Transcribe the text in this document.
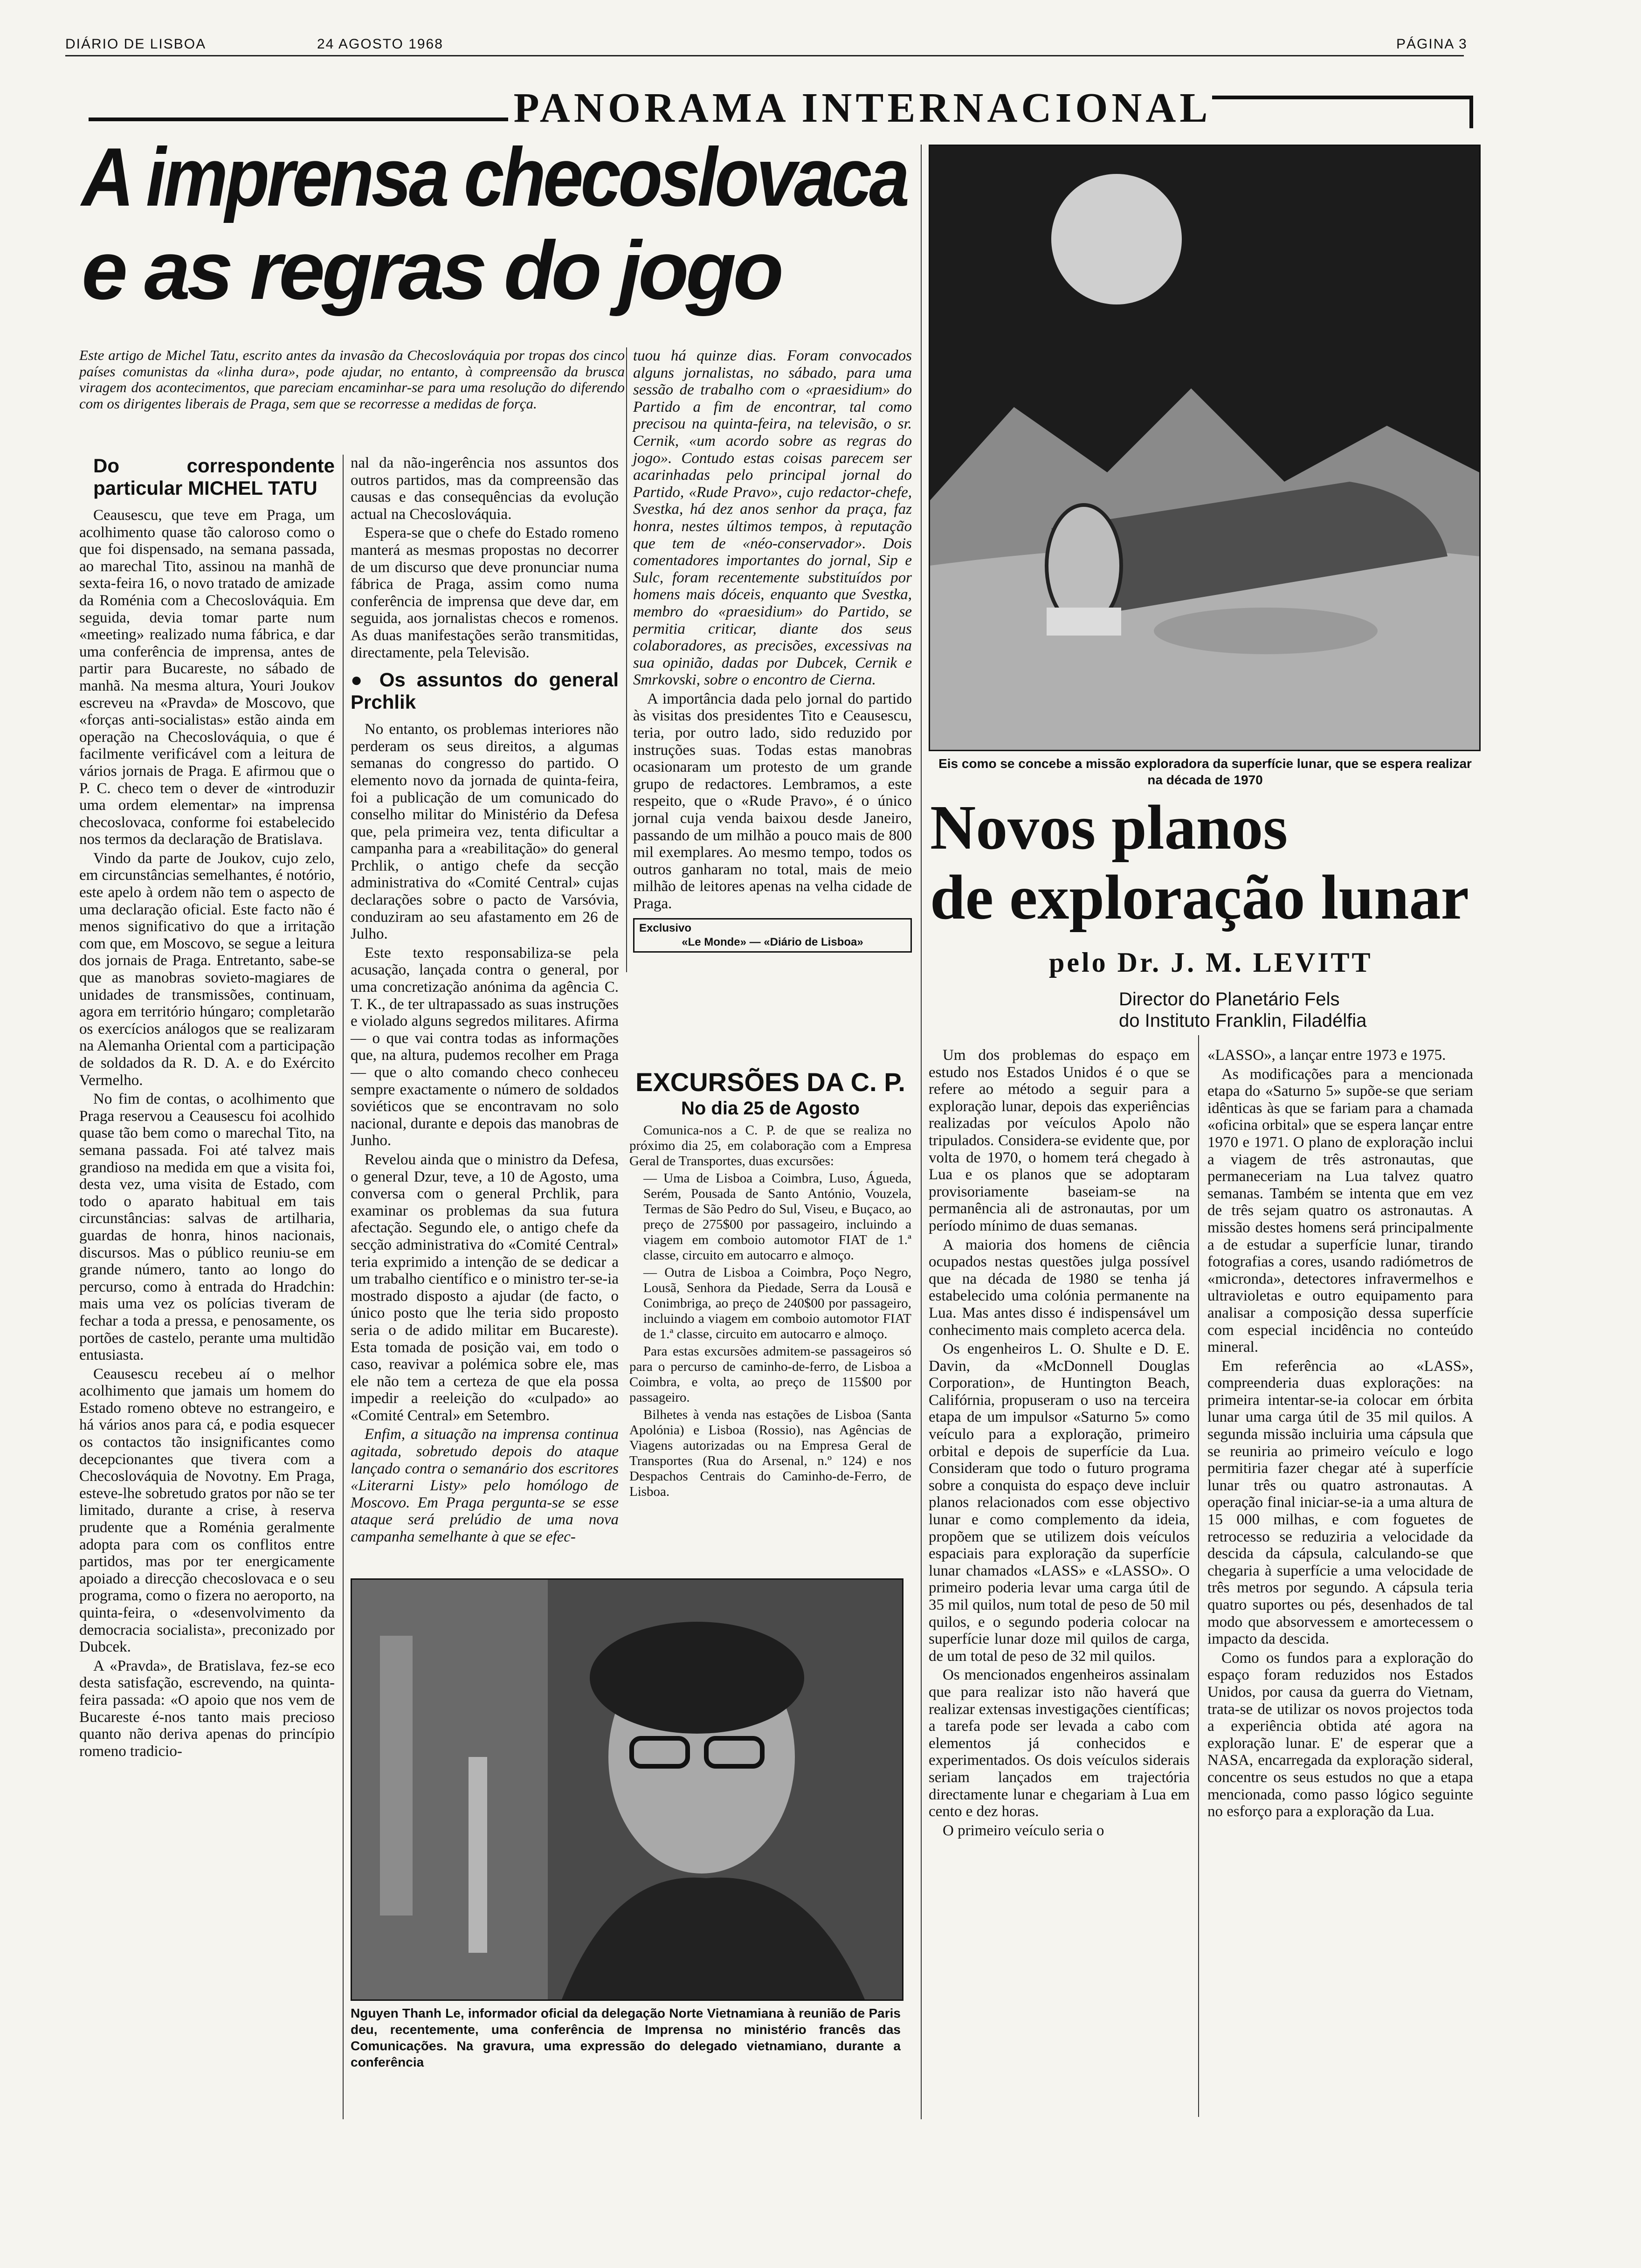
DIÁRIO DE LISBOA	24 AGOSTO 1968	PÁGINA 3
PANORAMA INTERNACIONAL
A imprensa checoslovaca
e as regras do jogo
Este artigo de Michel Tatu, escrito antes da invasão da Checoslováquia por tropas dos cinco países comunistas da «linha dura», pode ajudar, no entanto, à compreensão da brusca viragem dos acontecimentos, que pareciam encaminhar-se para uma resolução do diferendo com os dirigentes liberais de Praga, sem que se recorresse a medidas de força.
Do correspondente particular MICHEL TATU

Ceausescu, que teve em Praga, um acolhimento quase tão caloroso como o que foi dispensado, na semana passada, ao marechal Tito, assinou na manhã de sexta-feira 16, o novo tratado de amizade da Roménia com a Checoslováquia. Em seguida, devia tomar parte num «meeting» realizado numa fábrica, e dar uma conferência de imprensa, antes de partir para Bucareste, no sábado de manhã. Na mesma altura, Youri Joukov escreveu na «Pravda» de Moscovo, que «forças anti-socialistas» estão ainda em operação na Checoslováquia, o que é facilmente verificável com a leitura de vários jornais de Praga. E afirmou que o P. C. checo tem o dever de «introduzir uma ordem elementar» na imprensa checoslovaca, conforme foi estabelecido nos termos da declaração de Bratislava.

Vindo da parte de Joukov, cujo zelo, em circunstâncias semelhantes, é notório, este apelo à ordem não tem o aspecto de uma declaração oficial. Este facto não é menos significativo do que a irritação com que, em Moscovo, se segue a leitura dos jornais de Praga. Entretanto, sabe-se que as manobras sovieto-magiares de unidades de transmissões, continuam, agora em território húngaro; completarão os exercícios análogos que se realizaram na Alemanha Oriental com a participação de soldados da R. D. A. e do Exército Vermelho.

No fim de contas, o acolhimento que Praga reservou a Ceausescu foi acolhido quase tão bem como o marechal Tito, na semana passada. Foi até talvez mais grandioso na medida em que a visita foi, desta vez, uma visita de Estado, com todo o aparato habitual em tais circunstâncias: salvas de artilharia, guardas de honra, hinos nacionais, discursos. Mas o público reuniu-se em grande número, tanto ao longo do percurso, como à entrada do Hradchin: mais uma vez os polícias tiveram de fechar a toda a pressa, e penosamente, os portões de castelo, perante uma multidão entusiasta.

Ceausescu recebeu aí o melhor acolhimento que jamais um homem do Estado romeno obteve no estrangeiro, e há vários anos para cá, e podia esquecer os contactos tão insignificantes como decepcionantes que tivera com a Checoslováquia de Novotny. Em Praga, esteve-lhe sobretudo gratos por não se ter limitado, durante a crise, à reserva prudente que a Roménia geralmente adopta para com os conflitos entre partidos, mas por ter energicamente apoiado a direcção checoslovaca e o seu programa, como o fizera no aeroporto, na quinta-feira, o «desenvolvimento da democracia socialista», preconizado por Dubcek.

A «Pravda», de Bratislava, fez-se eco desta satisfação, escrevendo, na quinta-feira passada: «O apoio que nos vem de Bucareste é-nos tanto mais precioso quanto não deriva apenas do princípio romeno tradicio-

nal da não-ingerência nos assuntos dos outros partidos, mas da compreensão das causas e das consequências da evolução actual na Checoslováquia.

Espera-se que o chefe do Estado romeno manterá as mesmas propostas no decorrer de um discurso que deve pronunciar numa fábrica de Praga, assim como numa conferência de imprensa que deve dar, em seguida, aos jornalistas checos e romenos. As duas manifestações serão transmitidas, directamente, pela Televisão.

● Os assuntos do general Prchlik

No entanto, os problemas interiores não perderam os seus direitos, a algumas semanas do congresso do partido. O elemento novo da jornada de quinta-feira, foi a publicação de um comunicado do conselho militar do Ministério da Defesa que, pela primeira vez, tenta dificultar a campanha para a «reabilitação» do general Prchlik, o antigo chefe da secção administrativa do «Comité Central» cujas declarações sobre o pacto de Varsóvia, conduziram ao seu afastamento em 26 de Julho.

Este texto responsabiliza-se pela acusação, lançada contra o general, por uma concretização anónima da agência C. T. K., de ter ultrapassado as suas instruções e violado alguns segredos militares. Afirma — o que vai contra todas as informações que, na altura, pudemos recolher em Praga — que o alto comando checo conheceu sempre exactamente o número de soldados soviéticos que se encontravam no solo nacional, durante e depois das manobras de Junho.

Revelou ainda que o ministro da Defesa, o general Dzur, teve, a 10 de Agosto, uma conversa com o general Prchlik, para examinar os problemas da sua futura afectação. Segundo ele, o antigo chefe da secção administrativa do «Comité Central» teria exprimido a intenção de se dedicar a um trabalho científico e o ministro ter-se-ia mostrado disposto a ajudar (de facto, o único posto que lhe teria sido proposto seria o de adido militar em Bucareste). Esta tomada de posição vai, em todo o caso, reavivar a polémica sobre ele, mas ele não tem a certeza de que ela possa impedir a reeleição do «culpado» ao «Comité Central» em Setembro.

Enfim, a situação na imprensa continua agitada, sobretudo depois do ataque lançado contra o semanário dos escritores «Literarni Listy» pelo homólogo de Moscovo. Em Praga perguntа-se se esse ataque será prelúdio de uma nova campanha semelhante à que se efec-

tuou há quinze dias. Foram convocados alguns jornalistas, no sábado, para uma sessão de trabalho com o «praesidium» do Partido a fim de encontrar, tal como precisou na quinta-feira, na televisão, o sr. Cernik, «um acordo sobre as regras do jogo». Contudo estas coisas parecem ser acarinhadas pelo principal jornal do Partido, «Rude Pravo», cujo redactor-chefe, Svestka, há dez anos senhor da praça, faz honra, nestes últimos tempos, à reputação que tem de «néo-conservador». Dois comentadores importantes do jornal, Sip e Sulc, foram recentemente substituídos por homens mais dóceis, enquanto que Svestka, membro do «praesidium» do Partido, se permitia criticar, diante dos seus colaboradores, as precisões, excessivas na sua opinião, dadas por Dubcek, Cernik e Smrkovski, sobre o encontro de Cierna.

A importância dada pelo jornal do partido às visitas dos presidentes Tito e Ceausescu, teria, por outro lado, sido reduzido por instruções suas. Todas estas manobras ocasionaram um protesto de um grande grupo de redactores. Lembramos, a este respeito, que o «Rude Pravo», é o único jornal cuja venda baixou desde Janeiro, passando de um milhão a pouco mais de 800 mil exemplares. Ao mesmo tempo, todos os outros ganharam no total, mais de meio milhão de leitores apenas na velha cidade de Praga.

Exclusivo
«Le Monde» — «Diário de Lisboa»
EXCURSÕES DA C. P.
No dia 25 de Agosto

Comunica-nos a C. P. de que se realiza no próximo dia 25, em colaboração com a Empresa Geral de Transportes, duas excursões:

— Uma de Lisboa a Coimbra, Luso, Águeda, Serém, Pousada de Santo António, Vouzela, Termas de São Pedro do Sul, Viseu, e Buçaco, ao preço de 275$00 por passageiro, incluindo a viagem em comboio automotor FIAT de 1.ª classe, circuito em autocarro e almoço.

— Outra de Lisboa a Coimbra, Poço Negro, Lousã, Senhora da Piedade, Serra da Lousã e Conimbriga, ao preço de 240$00 por passageiro, incluindo a viagem em comboio automotor FIAT de 1.ª classe, circuito em autocarro e almoço.

Para estas excursões admitem-se passageiros só para o percurso de caminho-de-ferro, de Lisboa a Coimbra, e volta, ao preço de 115$00 por passageiro.

Bilhetes à venda nas estações de Lisboa (Santa Apolónia) e Lisboa (Rossio), nas Agências de Viagens autorizadas ou na Empresa Geral de Transportes (Rua do Arsenal, n.º 124) e nos Despachos Centrais do Caminho-de-Ferro, de Lisboa.

Nguyen Thanh Le, informador oficial da delegação Norte Vietnamiana à reunião de Paris deu, recentemente, uma conferência de Imprensa no ministério francês das Comunicações. Na gravura, uma expressão do delegado vietnamiano, durante a conferência
Eis como se concebe a missão exploradora da superfície lunar, que se espera realizar na década de 1970
Novos planos
de exploração lunar
pelo Dr. J. M. LEVITT
Director do Planetário Fels
do Instituto Franklin, Filadélfia

Um dos problemas do espaço em estudo nos Estados Unidos é o que se refere ao método a seguir para a exploração lunar, depois das experiências realizadas por veículos Apolo não tripulados. Considera-se evidente que, por volta de 1970, o homem terá chegado à Lua e os planos que se adoptaram provisoriamente baseiam-se na permanência ali de astronautas, por um período mínimo de duas semanas.

A maioria dos homens de ciência ocupados nestas questões julga possível que na década de 1980 se tenha já estabelecido uma colónia permanente na Lua. Mas antes disso é indispensável um conhecimento mais completo acerca dela.

Os engenheiros L. O. Shulte e D. E. Davin, da «McDonnell Douglas Corporation», de Huntington Beach, Califórnia, propuseram o uso na terceira etapa de um impulsor «Saturno 5» como veículo para a exploração, primeiro orbital e depois de superfície da Lua. Consideram que todo o futuro programa sobre a conquista do espaço deve incluir planos relacionados com esse objectivo lunar e como complemento da ideia, propõem que se utilizem dois veículos espaciais para exploração da superfície lunar chamados «LASS» e «LASSO». O primeiro poderia levar uma carga útil de 35 mil quilos, num total de peso de 50 mil quilos, e o segundo poderia colocar na superfície lunar doze mil quilos de carga, de um total de peso de 32 mil quilos.

Os mencionados engenheiros assinalam que para realizar isto não haverá que realizar extensas investigações científicas; a tarefa pode ser levada a cabo com elementos já conhecidos e experimentados. Os dois veículos siderais seriam lançados em trajectória directamente lunar e chegariam à Lua em cento e dez horas.

O primeiro veículo seria o

«LASSO», a lançar entre 1973 e 1975.

As modificações para a mencionada etapa do «Saturno 5» supõe-se que seriam idênticas às que se fariam para a chamada «oficina orbital» que se espera lançar entre 1970 e 1971. O plano de exploração inclui a viagem de três astronautas, que permaneceriam na Lua talvez quatro semanas. Também se intenta que em vez de três sejam quatro os astronautas. A missão destes homens será principalmente a de estudar a superfície lunar, tirando fotografias a cores, usando radiómetros de «micronda», detectores infravermelhos e ultravioletas e outro equipamento para analisar a composição dessa superfície com especial incidência no conteúdo mineral.

Em referência ao «LASS», compreenderia duas explorações: na primeira intentar-se-ia colocar em órbita lunar uma carga útil de 35 mil quilos. A segunda missão incluiria uma cápsula que se reuniria ao primeiro veículo e logo permitiria fazer chegar até à superfície lunar três ou quatro astronautas. A operação final iniciar-se-ia a uma altura de 15 000 milhas, e com foguetes de retrocesso se reduziria a velocidade da descida da cápsula, calculando-se que chegaria à superfície a uma velocidade de três metros por segundo. A cápsula teria quatro suportes ou pés, desenhados de tal modo que absorvessem e amortecessem o impacto da descida.

Como os fundos para a exploração do espaço foram reduzidos nos Estados Unidos, por causa da guerra do Vietnam, trata-se de utilizar os novos projectos toda a experiência obtida até agora na exploração lunar. E' de esperar que a NASA, encarregada da exploração sideral, concentre os seus estudos no que a etapa mencionada, como passo lógico seguinte no esforço para a exploração da Lua.
